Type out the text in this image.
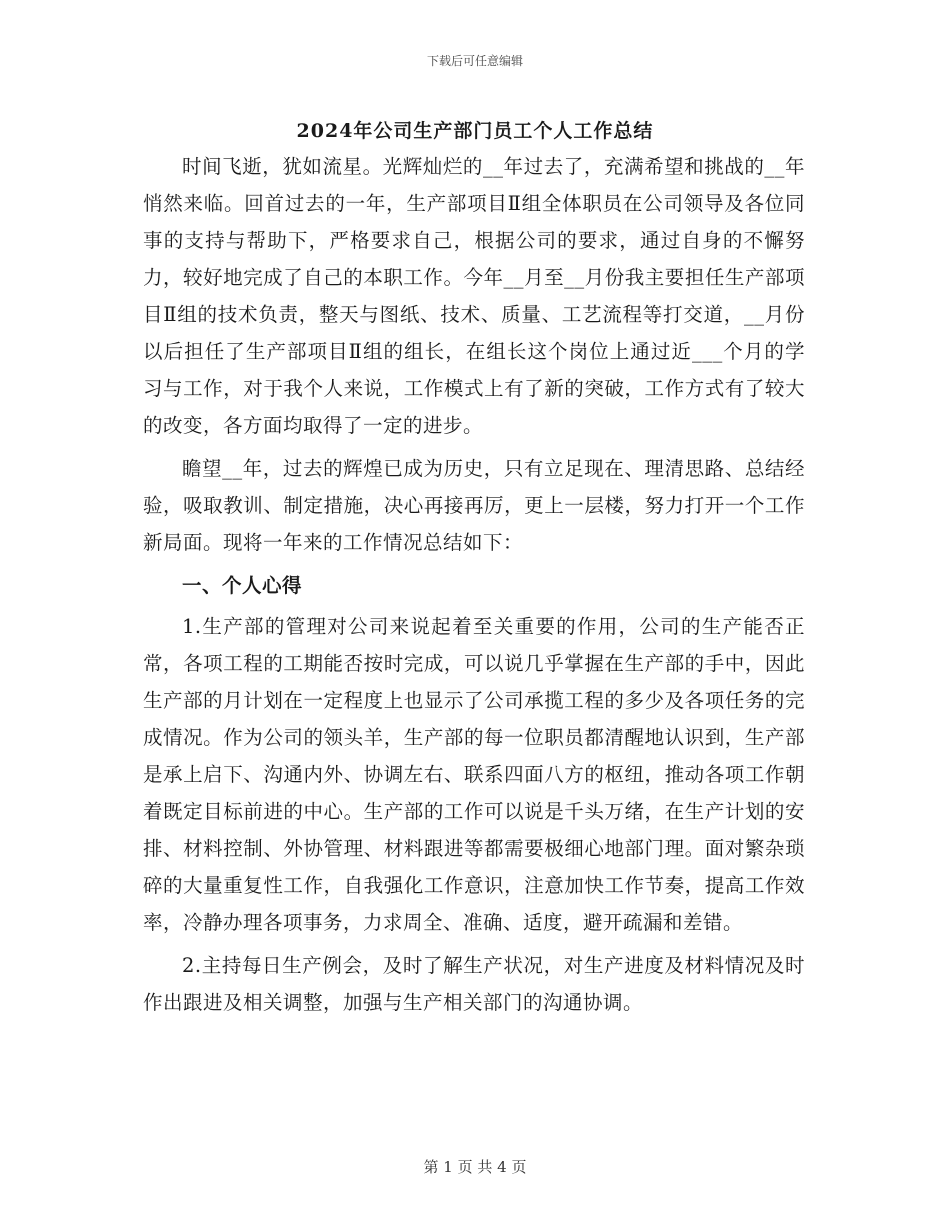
下载后可任意编辑
2024年公司生产部门员工个人工作总结

时间飞逝，犹如流星。光辉灿烂的__年过去了，充满希望和挑战的__年悄然来临。回首过去的一年，生产部项目Ⅱ组全体职员在公司领导及各位同事的支持与帮助下，严格要求自己，根据公司的要求，通过自身的不懈努力，较好地完成了自己的本职工作。今年__月至__月份我主要担任生产部项目Ⅱ组的技术负责，整天与图纸、技术、质量、工艺流程等打交道，__月份以后担任了生产部项目Ⅱ组的组长，在组长这个岗位上通过近___个月的学习与工作，对于我个人来说，工作模式上有了新的突破，工作方式有了较大的改变，各方面均取得了一定的进步。

瞻望__年，过去的辉煌已成为历史，只有立足现在、理清思路、总结经验，吸取教训、制定措施，决心再接再厉，更上一层楼，努力打开一个工作新局面。现将一年来的工作情况总结如下：

一、个人心得

1.生产部的管理对公司来说起着至关重要的作用，公司的生产能否正常，各项工程的工期能否按时完成，可以说几乎掌握在生产部的手中，因此生产部的月计划在一定程度上也显示了公司承揽工程的多少及各项任务的完成情况。作为公司的领头羊，生产部的每一位职员都清醒地认识到，生产部是承上启下、沟通内外、协调左右、联系四面八方的枢纽，推动各项工作朝着既定目标前进的中心。生产部的工作可以说是千头万绪，在生产计划的安排、材料控制、外协管理、材料跟进等都需要极细心地部门理。面对繁杂琐碎的大量重复性工作，自我强化工作意识，注意加快工作节奏，提高工作效率，冷静办理各项事务，力求周全、准确、适度，避开疏漏和差错。

2.主持每日生产例会，及时了解生产状况，对生产进度及材料情况及时作出跟进及相关调整，加强与生产相关部门的沟通协调。

第 1 页 共 4 页
